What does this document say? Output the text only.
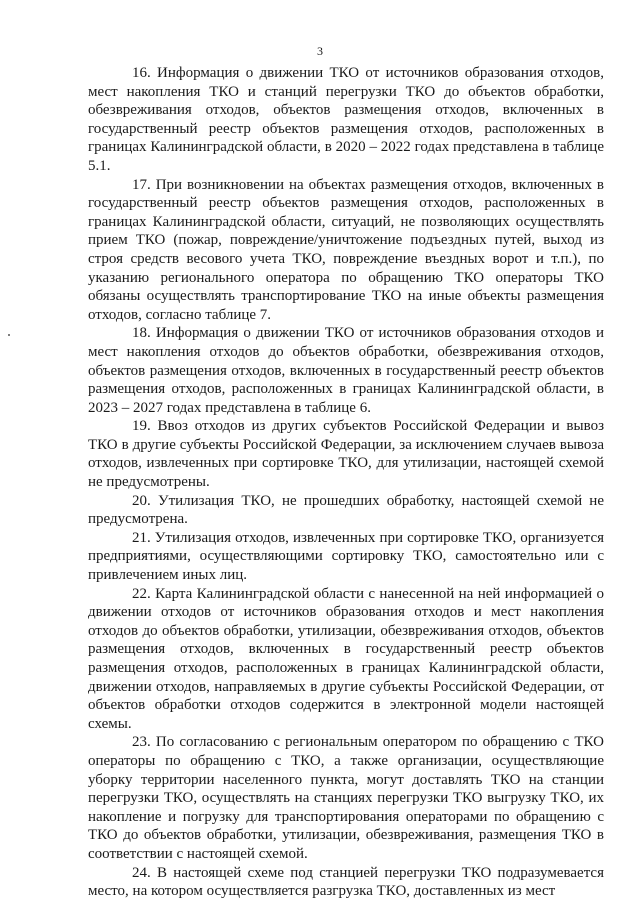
3

16. Информация о движении ТКО от источников образования отходов, мест накопления ТКО и станций перегрузки ТКО до объектов обработки, обезвреживания отходов, объектов размещения отходов, включенных в государственный реестр объектов размещения отходов, расположенных в границах Калининградской области, в 2020 – 2022 годах представлена в таблице 5.1.

17. При возникновении на объектах размещения отходов, включенных в государственный реестр объектов размещения отходов, расположенных в границах Калининградской области, ситуаций, не позволяющих осуществлять прием ТКО (пожар, повреждение/уничтожение подъездных путей, выход из строя средств весового учета ТКО, повреждение въездных ворот и т.п.), по указанию регионального оператора по обращению ТКО операторы ТКО обязаны осуществлять транспортирование ТКО на иные объекты размещения отходов, согласно таблице 7.

18. Информация о движении ТКО от источников образования отходов и мест накопления отходов до объектов обработки, обезвреживания отходов, объектов размещения отходов, включенных в государственный реестр объектов размещения отходов, расположенных в границах Калининградской области, в 2023 – 2027 годах представлена в таблице 6.

19. Ввоз отходов из других субъектов Российской Федерации и вывоз ТКО в другие субъекты Российской Федерации, за исключением случаев вывоза отходов, извлеченных при сортировке ТКО, для утилизации, настоящей схемой не предусмотрены.

20. Утилизация ТКО, не прошедших обработку, настоящей схемой не предусмотрена.

21. Утилизация отходов, извлеченных при сортировке ТКО, организуется предприятиями, осуществляющими сортировку ТКО, самостоятельно или с привлечением иных лиц.

22. Карта Калининградской области с нанесенной на ней информацией о движении отходов от источников образования отходов и мест накопления отходов до объектов обработки, утилизации, обезвреживания отходов, объектов размещения отходов, включенных в государственный реестр объектов размещения отходов, расположенных в границах Калининградской области, движении отходов, направляемых в другие субъекты Российской Федерации, от объектов обработки отходов содержится в электронной модели настоящей схемы.

23. По согласованию с региональным оператором по обращению с ТКО операторы по обращению с ТКО, а также организации, осуществляющие уборку территории населенного пункта, могут доставлять ТКО на станции перегрузки ТКО, осуществлять на станциях перегрузки ТКО выгрузку ТКО, их накопление и погрузку для транспортирования операторами по обращению с ТКО до объектов обработки, утилизации, обезвреживания, размещения ТКО в соответствии с настоящей схемой.

24. В настоящей схеме под станцией перегрузки ТКО подразумевается место, на котором осуществляется разгрузка ТКО, доставленных из мест
